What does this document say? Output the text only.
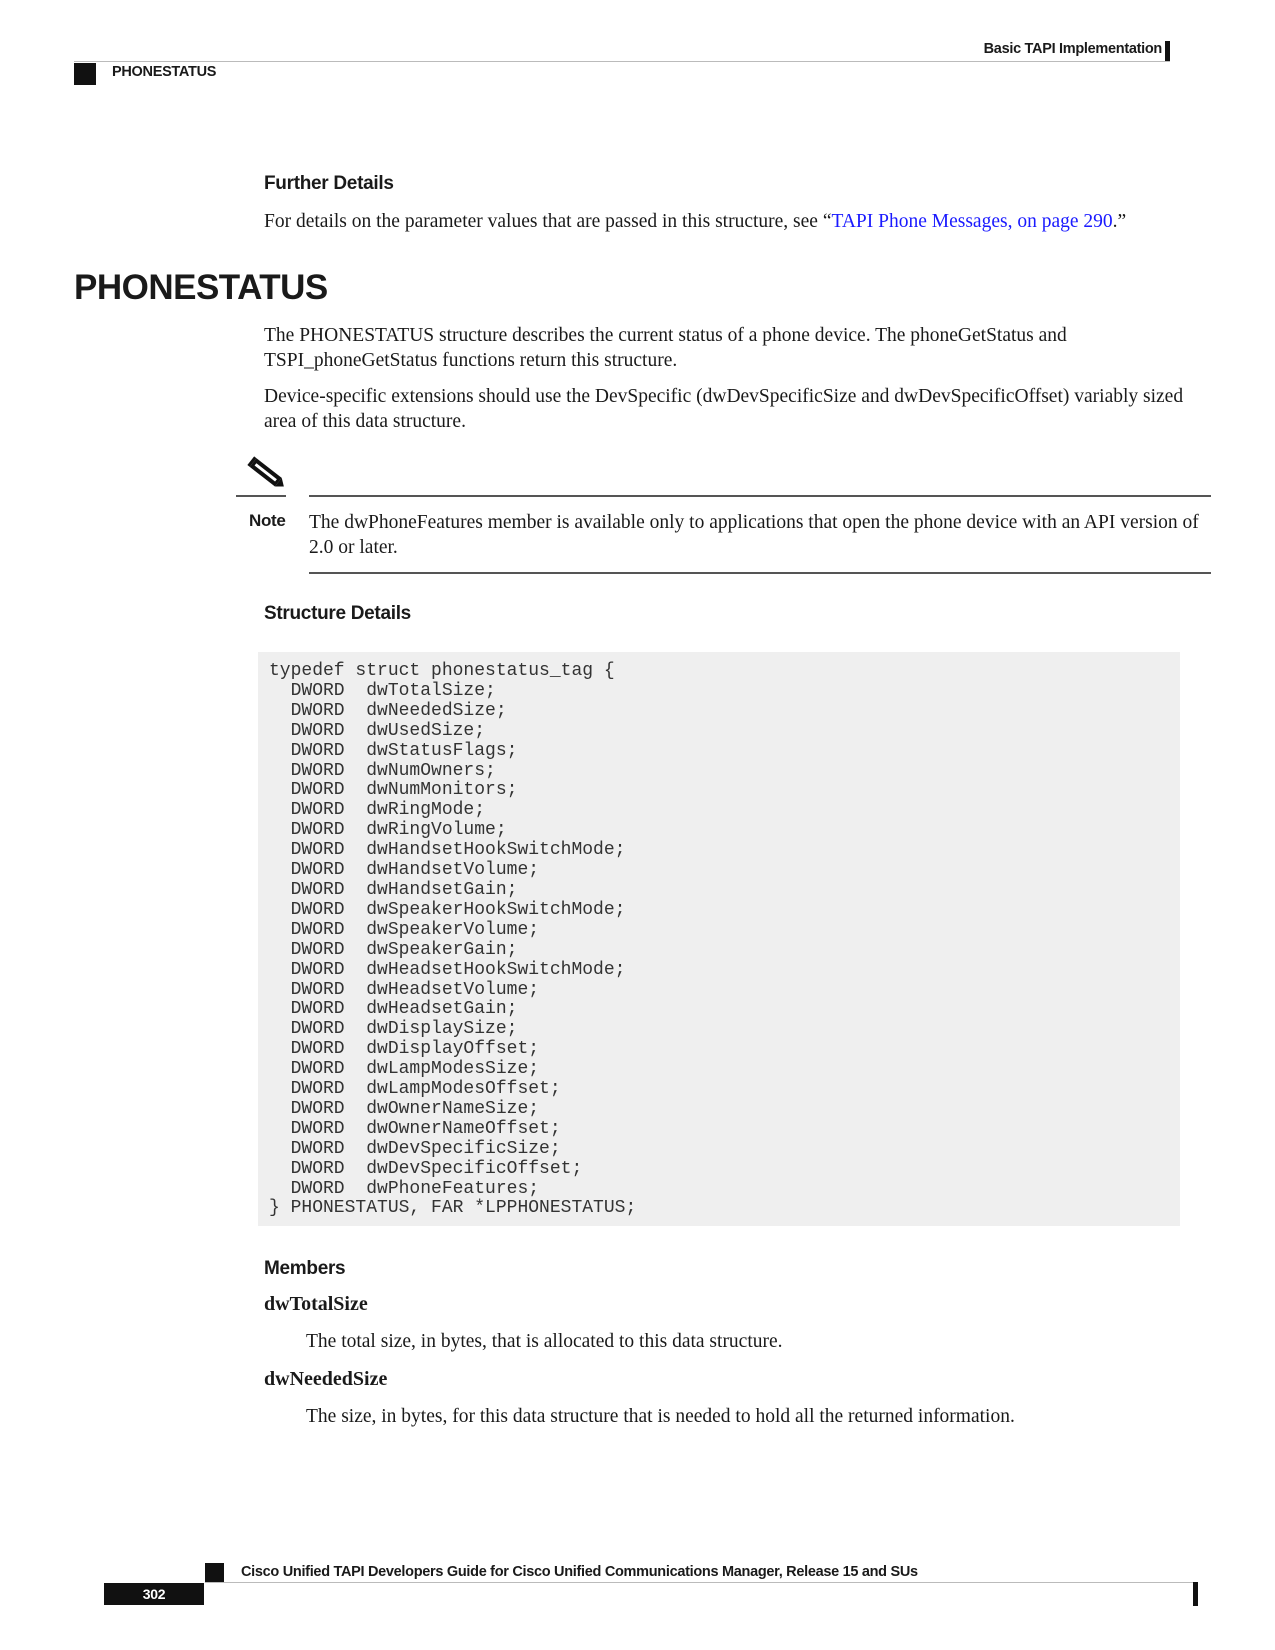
Basic TAPI Implementation
PHONESTATUS
Further Details
For details on the parameter values that are passed in this structure, see “TAPI Phone Messages, on page 290.”
PHONESTATUS
The PHONESTATUS structure describes the current status of a phone device. The phoneGetStatus and TSPI_phoneGetStatus functions return this structure.
Device-specific extensions should use the DevSpecific (dwDevSpecificSize and dwDevSpecificOffset) variably sized area of this data structure.
Note The dwPhoneFeatures member is available only to applications that open the phone device with an API version of 2.0 or later.
Structure Details
typedef struct phonestatus_tag {
DWORD  dwTotalSize;
DWORD  dwNeededSize;
DWORD  dwUsedSize;
DWORD  dwStatusFlags;
DWORD  dwNumOwners;
DWORD  dwNumMonitors;
DWORD  dwRingMode;
DWORD  dwRingVolume;
DWORD  dwHandsetHookSwitchMode;
DWORD  dwHandsetVolume;
DWORD  dwHandsetGain;
DWORD  dwSpeakerHookSwitchMode;
DWORD  dwSpeakerVolume;
DWORD  dwSpeakerGain;
DWORD  dwHeadsetHookSwitchMode;
DWORD  dwHeadsetVolume;
DWORD  dwHeadsetGain;
DWORD  dwDisplaySize;
DWORD  dwDisplayOffset;
DWORD  dwLampModesSize;
DWORD  dwLampModesOffset;
DWORD  dwOwnerNameSize;
DWORD  dwOwnerNameOffset;
DWORD  dwDevSpecificSize;
DWORD  dwDevSpecificOffset;
DWORD  dwPhoneFeatures;
} PHONESTATUS, FAR *LPPHONESTATUS;
Members
dwTotalSize
The total size, in bytes, that is allocated to this data structure.
dwNeededSize
The size, in bytes, for this data structure that is needed to hold all the returned information.
Cisco Unified TAPI Developers Guide for Cisco Unified Communications Manager, Release 15 and SUs
302
